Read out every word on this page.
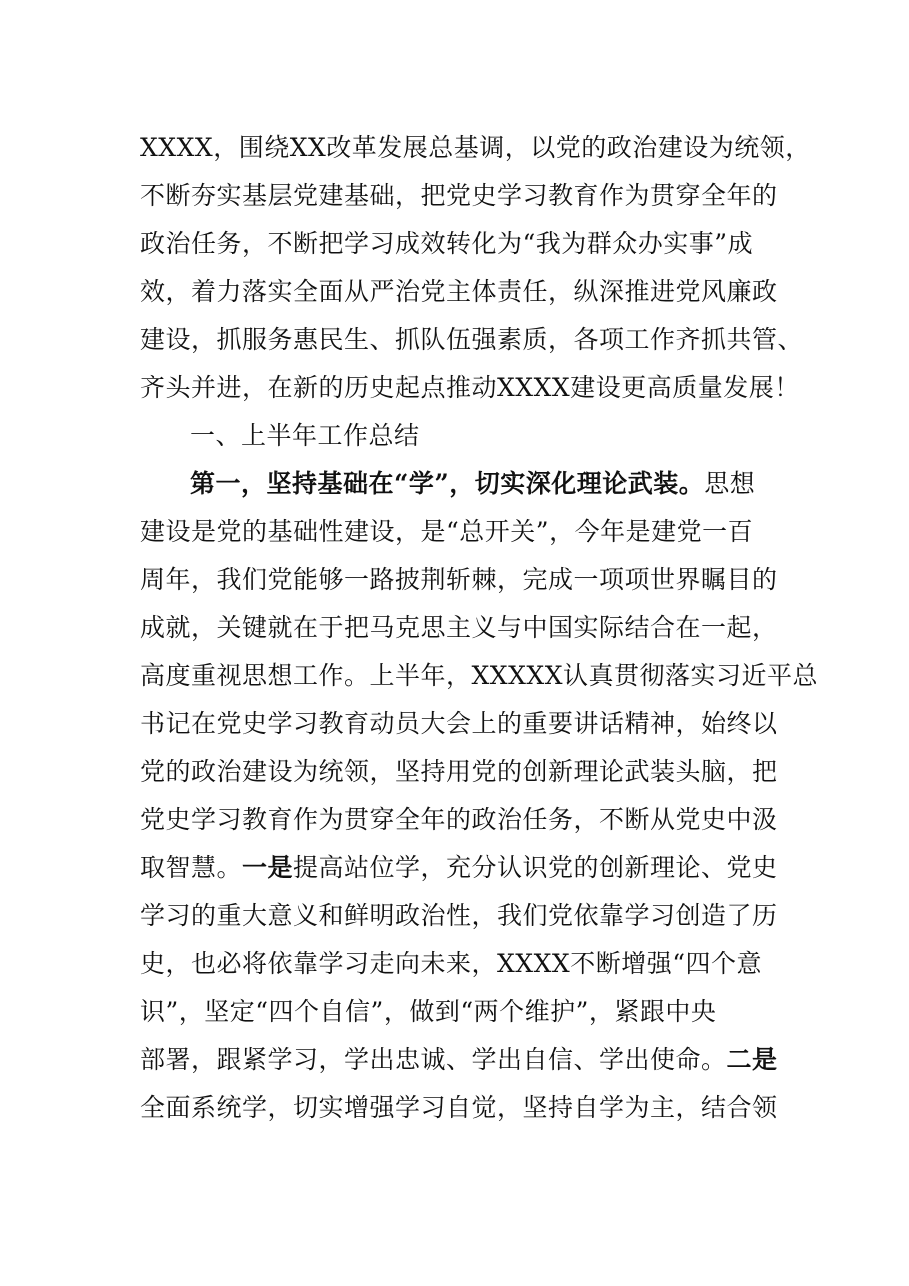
XXXX，围绕XX改革发展总基调，以党的政治建设为统领，
不断夯实基层党建基础，把党史学习教育作为贯穿全年的
政治任务，不断把学习成效转化为“我为群众办实事”成
效，着力落实全面从严治党主体责任，纵深推进党风廉政
建设，抓服务惠民生、抓队伍强素质，各项工作齐抓共管、
齐头并进，在新的历史起点推动XXXX建设更高质量发展！
一、上半年工作总结
第一，坚持基础在“学”，切实深化理论武装。思想
建设是党的基础性建设，是“总开关”，今年是建党一百
周年，我们党能够一路披荆斩棘，完成一项项世界瞩目的
成就，关键就在于把马克思主义与中国实际结合在一起，
高度重视思想工作。上半年，XXXXX认真贯彻落实习近平总
书记在党史学习教育动员大会上的重要讲话精神，始终以
党的政治建设为统领，坚持用党的创新理论武装头脑，把
党史学习教育作为贯穿全年的政治任务，不断从党史中汲
取智慧。一是提高站位学，充分认识党的创新理论、党史
学习的重大意义和鲜明政治性，我们党依靠学习创造了历
史，也必将依靠学习走向未来，XXXX不断增强“四个意
识”，坚定“四个自信”，做到“两个维护”，紧跟中央
部署，跟紧学习，学出忠诚、学出自信、学出使命。二是
全面系统学，切实增强学习自觉，坚持自学为主，结合领
